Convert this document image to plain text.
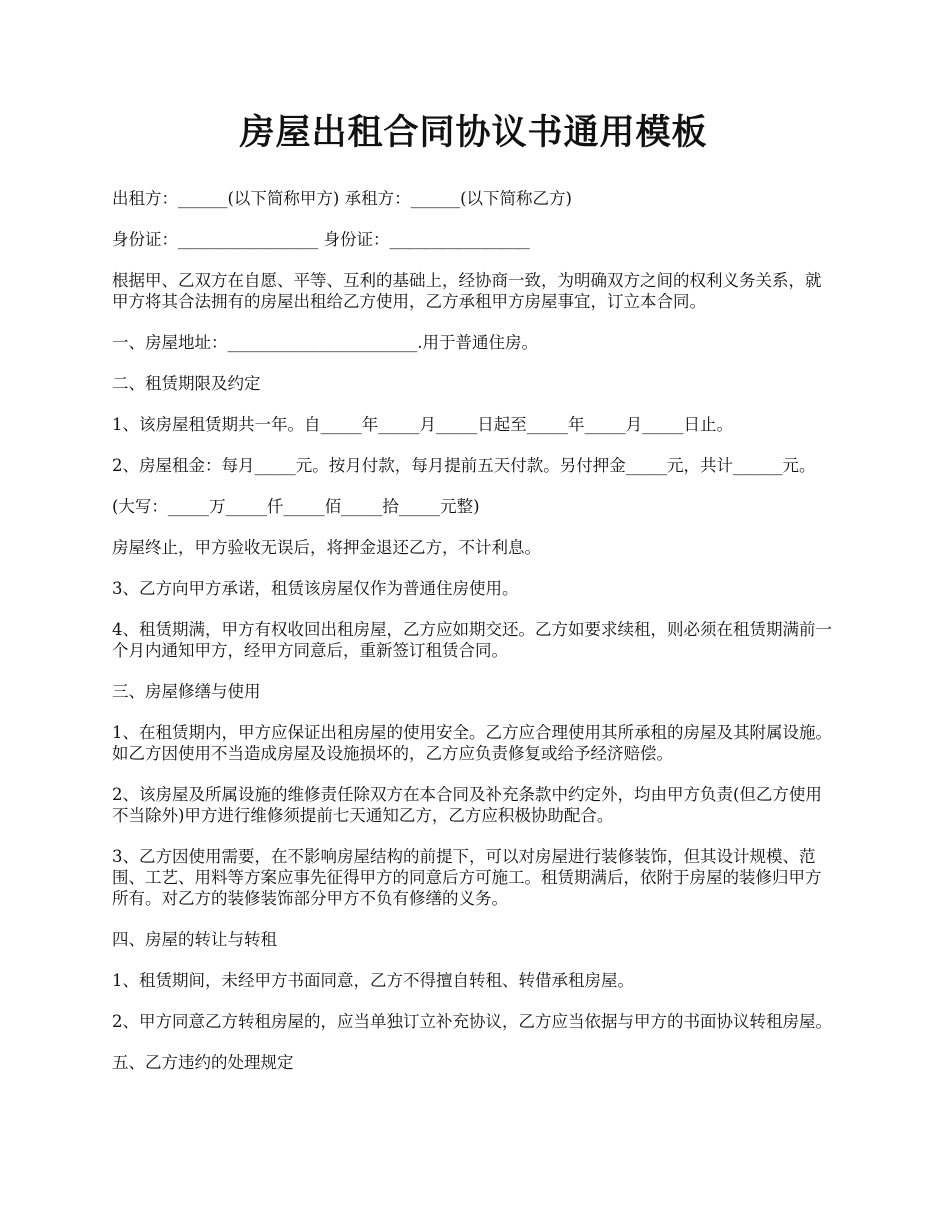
房屋出租合同协议书通用模板

出租方：______(以下简称甲方) 承租方：______(以下简称乙方)

身份证：_________________ 身份证：_________________

根据甲、乙双方在自愿、平等、互利的基础上，经协商一致，为明确双方之间的权利义务关系，就甲方将其合法拥有的房屋出租给乙方使用，乙方承租甲方房屋事宜，订立本合同。

一、房屋地址：_______________________.用于普通住房。

二、租赁期限及约定

1、该房屋租赁期共一年。自_____年_____月_____日起至_____年_____月_____日止。

2、房屋租金：每月_____元。按月付款，每月提前五天付款。另付押金_____元，共计______元。

(大写：_____万_____仟_____佰_____拾_____元整)

房屋终止，甲方验收无误后，将押金退还乙方，不计利息。

3、乙方向甲方承诺，租赁该房屋仅作为普通住房使用。

4、租赁期满，甲方有权收回出租房屋，乙方应如期交还。乙方如要求续租，则必须在租赁期满前一个月内通知甲方，经甲方同意后，重新签订租赁合同。

三、房屋修缮与使用

1、在租赁期内，甲方应保证出租房屋的使用安全。乙方应合理使用其所承租的房屋及其附属设施。如乙方因使用不当造成房屋及设施损坏的，乙方应负责修复或给予经济赔偿。

2、该房屋及所属设施的维修责任除双方在本合同及补充条款中约定外，均由甲方负责(但乙方使用不当除外)甲方进行维修须提前七天通知乙方，乙方应积极协助配合。

3、乙方因使用需要，在不影响房屋结构的前提下，可以对房屋进行装修装饰，但其设计规模、范围、工艺、用料等方案应事先征得甲方的同意后方可施工。租赁期满后，依附于房屋的装修归甲方所有。对乙方的装修装饰部分甲方不负有修缮的义务。

四、房屋的转让与转租

1、租赁期间，未经甲方书面同意，乙方不得擅自转租、转借承租房屋。

2、甲方同意乙方转租房屋的，应当单独订立补充协议，乙方应当依据与甲方的书面协议转租房屋。

五、乙方违约的处理规定
